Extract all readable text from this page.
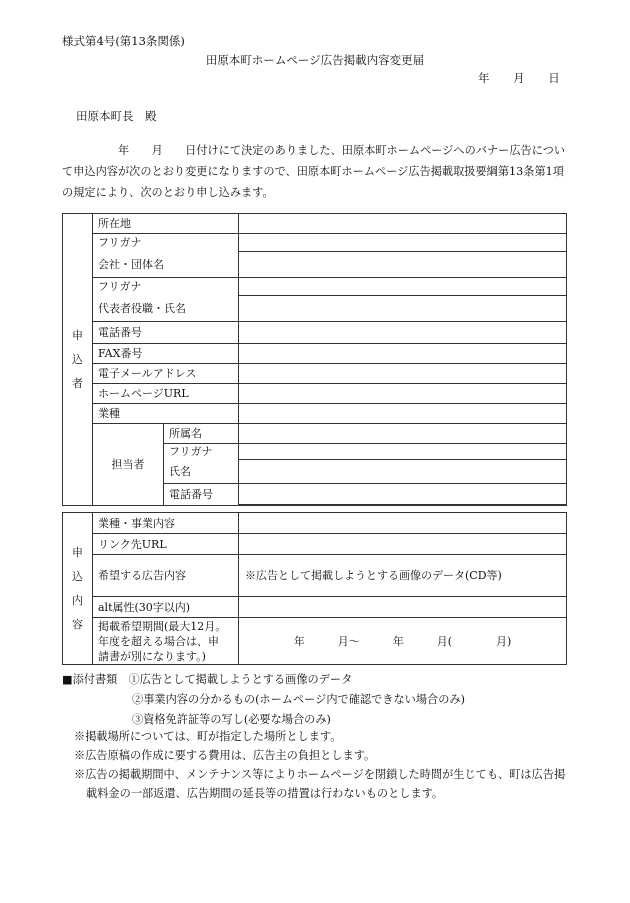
様式第4号(第13条関係)
田原本町ホームページ広告掲載内容変更届
年 月 日
田原本町長　殿
年　　月　　日付けにて決定のありました、田原本町ホームページへのバナー広告について申込内容が次のとおり変更になりますので、田原本町ホームページ広告掲載取扱要綱第13条第1項の規定により、次のとおり申し込みます。
申
込
者	所在地		
	フリガナ		
	会社・団体名		
	フリガナ		
	代表者役職・氏名		
	電話番号		
	FAX番号		
	電子メールアドレス		
	ホームページURL		
	業種		
	担当者	所属名	
		フリガナ	
		氏名	
		電話番号	

申
込
内
容	業種・事業内容	
	リンク先URL	
	希望する広告内容	※広告として掲載しようとする画像のデータ(CD等)
	alt属性(30字以内)	

	掲載希望期間(最大12月。
年度を超える場合は、申
請書が別になります。)	年　　　月～　　　年　　　月(　　　　月)
■添付書類　 ①広告として掲載しようとする画像のデータ
②事業内容の分かるもの(ホームページ内で確認できない場合のみ)
③資格免許証等の写し(必要な場合のみ)
※掲載場所については、町が指定した場所とします。
※広告原稿の作成に要する費用は、広告主の負担とします。
※広告の掲載期間中、メンテナンス等によりホームページを閉鎖した時間が生じても、町は広告掲載料金の一部返還、広告期間の延長等の措置は行わないものとします。
